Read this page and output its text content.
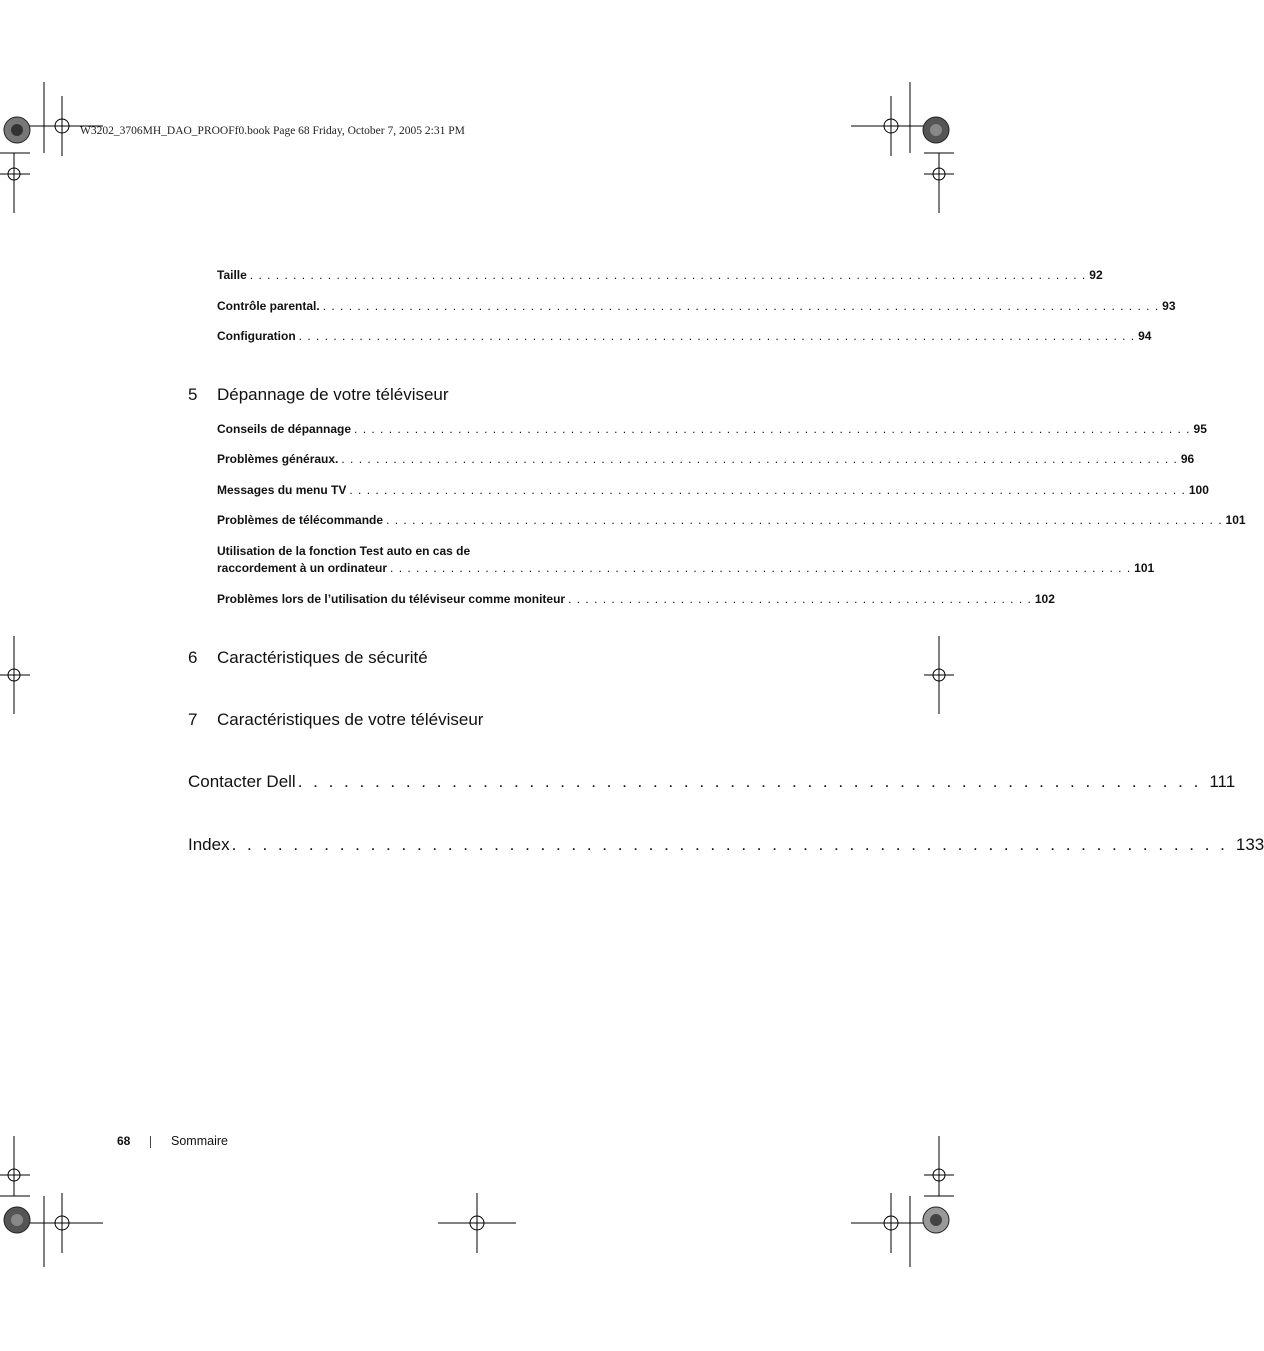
W3202_3706MH_DAO_PROOFf0.book Page 68 Friday, October 7, 2005 2:31 PM
Taille . . . . . . . . . . . . . . . . . . . . . . . . . . . . . . . . . . . . . . . . . . . . . . . . . . . . . . . . . . . . . . . . . . . . . . . . . . . . . . . . . . . . . . . . . . . . . . . . . 92
Contrôle parental. . . . . . . . . . . . . . . . . . . . . . . . . . . . . . . . . . . . . . . . . . . . . . . . . . . . . . . . . . . . . . . . . . . . . . . . . . . . . . . . . . . . . . . . . . . . . . . . . . 93
Configuration . . . . . . . . . . . . . . . . . . . . . . . . . . . . . . . . . . . . . . . . . . . . . . . . . . . . . . . . . . . . . . . . . . . . . . . . . . . . . . . . . . . . . . . . . . . . . . . . . 94
5 Dépannage de votre téléviseur
Conseils de dépannage . . . . . . . . . . . . . . . . . . . . . . . . . . . . . . . . . . . . . . . . . . . . . . . . . . . . . . . . . . . . . . . . . . . . . . . . . . . . . . . . . . . . . . . . . . . . . . . . . 95
Problèmes généraux. . . . . . . . . . . . . . . . . . . . . . . . . . . . . . . . . . . . . . . . . . . . . . . . . . . . . . . . . . . . . . . . . . . . . . . . . . . . . . . . . . . . . . . . . . . . . . . . . . 96
Messages du menu TV . . . . . . . . . . . . . . . . . . . . . . . . . . . . . . . . . . . . . . . . . . . . . . . . . . . . . . . . . . . . . . . . . . . . . . . . . . . . . . . . . . . . . . . . . . . . . . . . . 100
Problèmes de télécommande . . . . . . . . . . . . . . . . . . . . . . . . . . . . . . . . . . . . . . . . . . . . . . . . . . . . . . . . . . . . . . . . . . . . . . . . . . . . . . . . . . . . . . . . . . . . . . . . . 101
Utilisation de la fonction Test auto en cas de
raccordement à un ordinateur . . . . . . . . . . . . . . . . . . . . . . . . . . . . . . . . . . . . . . . . . . . . . . . . . . . . . . . . . . . . . . . . . . . . . . . . . . . . . . . . . . . . . . 101
Problèmes lors de l’utilisation du téléviseur comme moniteur . . . . . . . . . . . . . . . . . . . . . . . . . . . . . . . . . . . . . . . . . . . . . . . . . . . . . . 102
6 Caractéristiques de sécurité
7 Caractéristiques de votre téléviseur
Contacter Dell . . . . . . . . . . . . . . . . . . . . . . . . . . . . . . . . . . . . . . . . . . . . . . . . . . . . . . . . . . . 111
Index . . . . . . . . . . . . . . . . . . . . . . . . . . . . . . . . . . . . . . . . . . . . . . . . . . . . . . . . . . . . . . . . . 133
68	Sommaire
